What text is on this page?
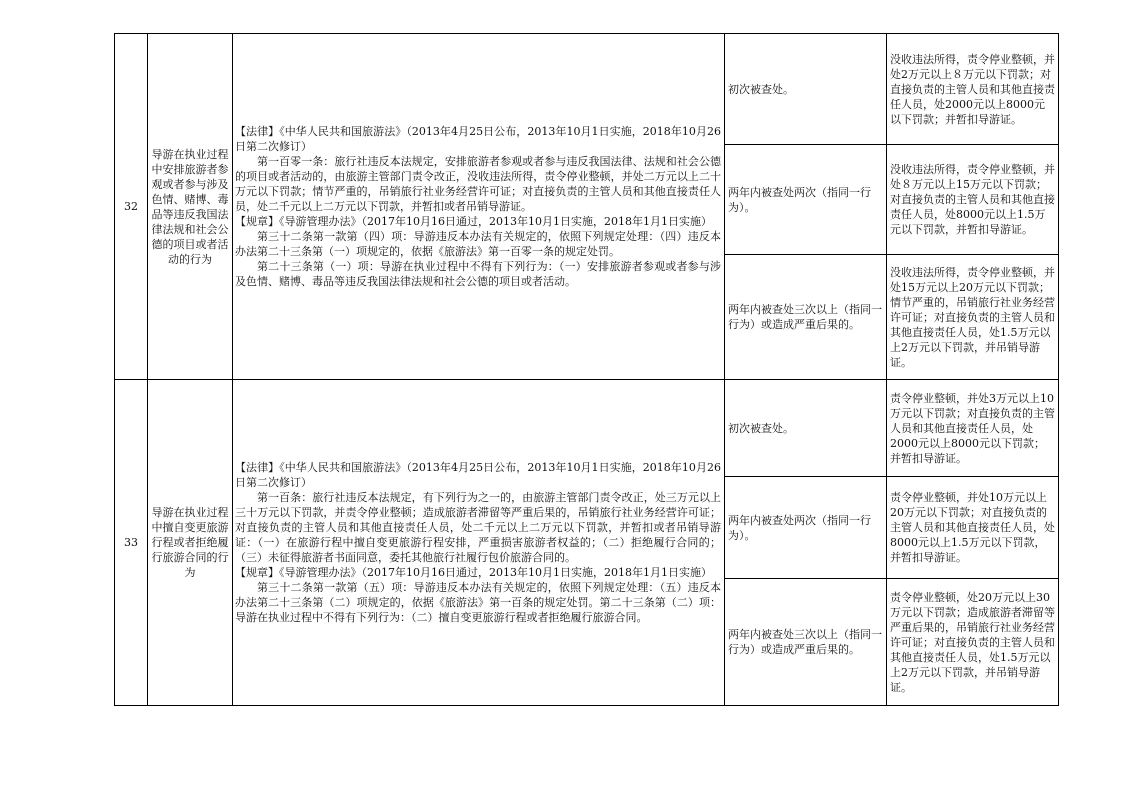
32	导游在执业过程中安排旅游者参观或者参与涉及色情、赌博、毒品等违反我国法律法规和社会公德的项目或者活动的行为	【法律】《中华人民共和国旅游法》（2013年4月25日公布，2013年10月1日实施，2018年10月26日第二次修订）

第一百零一条：旅行社违反本法规定，安排旅游者参观或者参与违反我国法律、法规和社会公德的项目或者活动的，由旅游主管部门责令改正，没收违法所得，责令停业整顿，并处二万元以上二十万元以下罚款；情节严重的，吊销旅行社业务经营许可证；对直接负责的主管人员和其他直接责任人员，处二千元以上二万元以下罚款，并暂扣或者吊销导游证。

【规章】《导游管理办法》（2017年10月16日通过，2013年10月1日实施，2018年1月1日实施）

第三十二条第一款第（四）项：导游违反本办法有关规定的，依照下列规定处理：（四）违反本办法第二十三条第（一）项规定的，依据《旅游法》第一百零一条的规定处罚。

第二十三条第（一）项：导游在执业过程中不得有下列行为：（一）安排旅游者参观或者参与涉及色情、赌博、毒品等违反我国法律法规和社会公德的项目或者活动。	初次被查处。	没收违法所得，责令停业整顿，并处2万元以上８万元以下罚款；对直接负责的主管人员和其他直接责任人员，处2000元以上8000元以下罚款；并暂扣导游证。
			两年内被查处两次（指同一行为）。	没收违法所得，责令停业整顿，并处８万元以上15万元以下罚款；对直接负责的主管人员和其他直接责任人员，处8000元以上1.5万元以下罚款，并暂扣导游证。
			两年内被查处三次以上（指同一行为）或造成严重后果的。	没收违法所得，责令停业整顿，并处15万元以上20万元以下罚款；情节严重的，吊销旅行社业务经营许可证；对直接负责的主管人员和其他直接责任人员，处1.5万元以上2万元以下罚款，并吊销导游证。
33	导游在执业过程中擅自变更旅游行程或者拒绝履行旅游合同的行为	【法律】《中华人民共和国旅游法》（2013年4月25日公布，2013年10月1日实施，2018年10月26日第二次修订）

第一百条：旅行社违反本法规定，有下列行为之一的，由旅游主管部门责令改正，处三万元以上三十万元以下罚款，并责令停业整顿；造成旅游者滞留等严重后果的，吊销旅行社业务经营许可证；对直接负责的主管人员和其他直接责任人员，处二千元以上二万元以下罚款，并暂扣或者吊销导游证：（一）在旅游行程中擅自变更旅游行程安排，严重损害旅游者权益的；（二）拒绝履行合同的；（三）未征得旅游者书面同意，委托其他旅行社履行包价旅游合同的。

【规章】《导游管理办法》（2017年10月16日通过，2013年10月1日实施，2018年1月1日实施）

第三十二条第一款第（五）项：导游违反本办法有关规定的，依照下列规定处理：（五）违反本办法第二十三条第（二）项规定的，依据《旅游法》第一百条的规定处罚。第二十三条第（二）项：导游在执业过程中不得有下列行为：（二）擅自变更旅游行程或者拒绝履行旅游合同。	初次被查处。	责令停业整顿，并处3万元以上10万元以下罚款；对直接负责的主管人员和其他直接责任人员，处2000元以上8000元以下罚款；并暂扣导游证。
			两年内被查处两次（指同一行为）。	责令停业整顿，并处10万元以上20万元以下罚款；对直接负责的主管人员和其他直接责任人员，处8000元以上1.5万元以下罚款，并暂扣导游证。
			两年内被查处三次以上（指同一行为）或造成严重后果的。	责令停业整顿，处20万元以上30万元以下罚款；造成旅游者滞留等严重后果的，吊销旅行社业务经营许可证；对直接负责的主管人员和其他直接责任人员，处1.5万元以上2万元以下罚款，并吊销导游证。
